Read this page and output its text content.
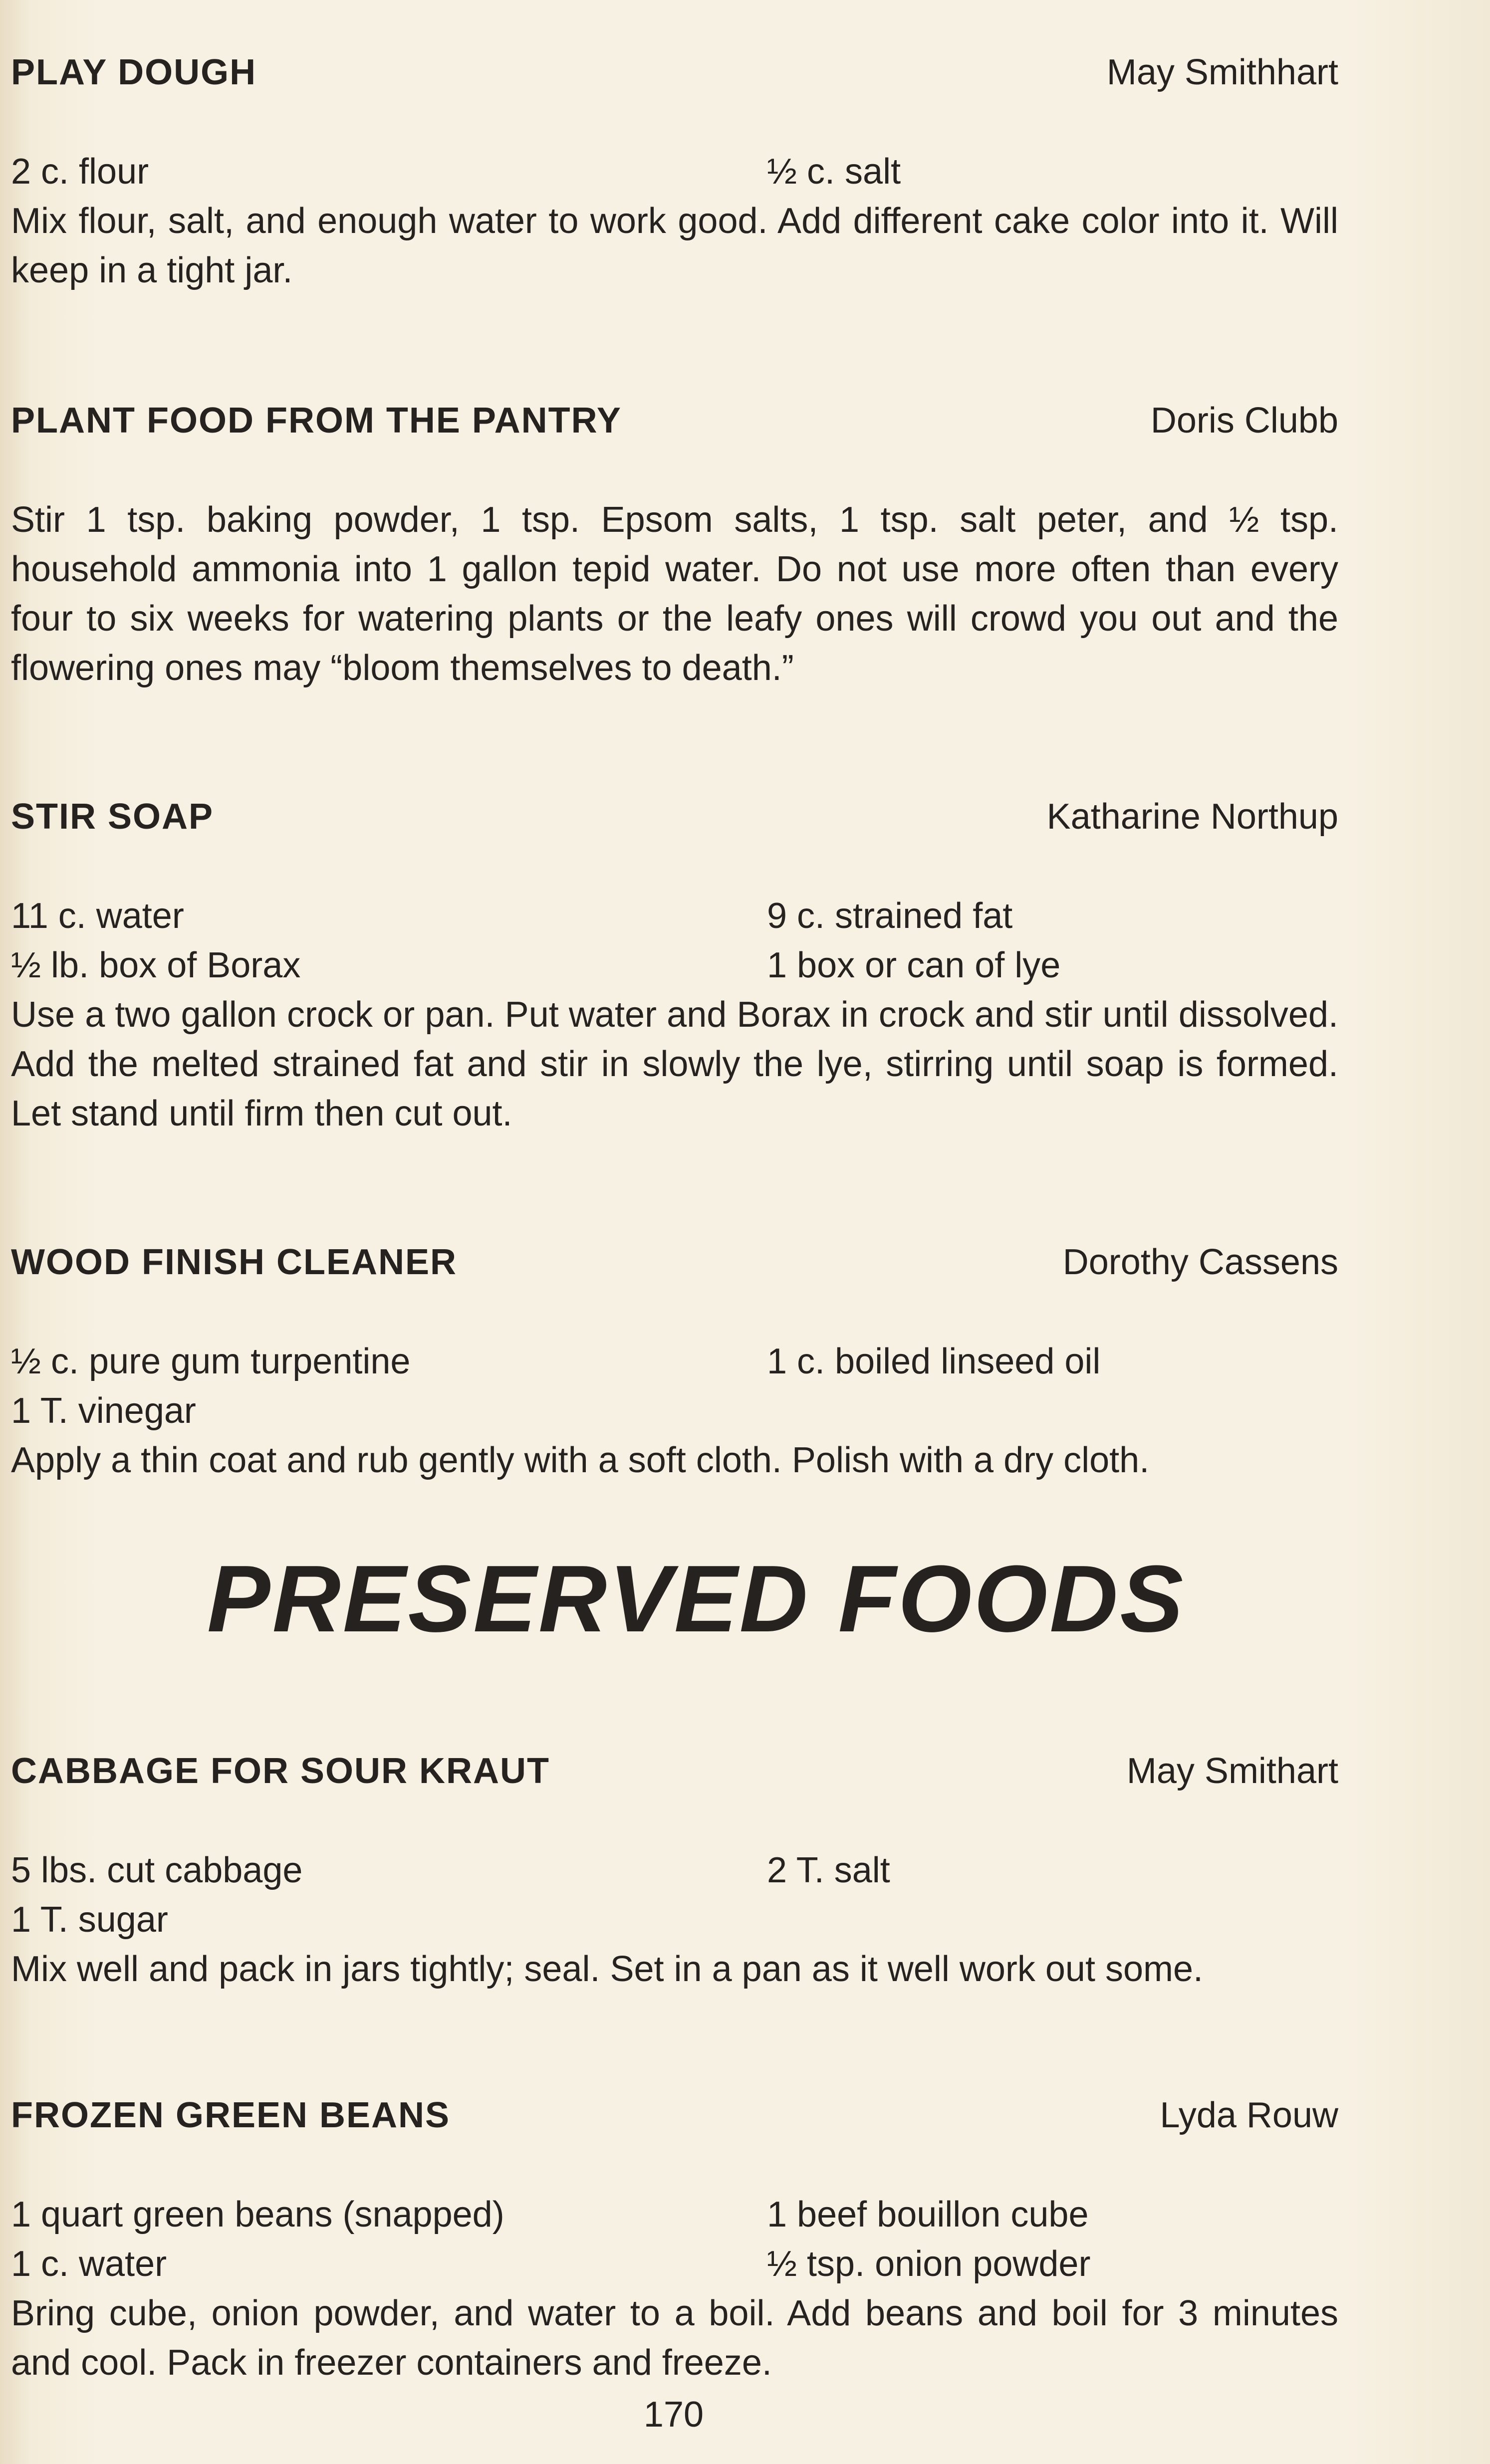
PLAY DOUGH	May Smithhart
2 c. flour	½ c. salt

Mix flour, salt, and enough water to work good. Add different cake color into it. Will keep in a tight jar.

PLANT FOOD FROM THE PANTRY	Doris Clubb

Stir 1 tsp. baking powder, 1 tsp. Epsom salts, 1 tsp. salt peter, and ½ tsp. household ammonia into 1 gallon tepid water. Do not use more often than every four to six weeks for watering plants or the leafy ones will crowd you out and the flowering ones may “bloom themselves to death.”

STIR SOAP	Katharine Northup
11 c. water	9 c. strained fat
½ lb. box of Borax	1 box or can of lye

Use a two gallon crock or pan. Put water and Borax in crock and stir until dissolved. Add the melted strained fat and stir in slowly the lye, stirring until soap is formed. Let stand until firm then cut out.

WOOD FINISH CLEANER	Dorothy Cassens
½ c. pure gum turpentine	1 c. boiled linseed oil
1 T. vinegar

Apply a thin coat and rub gently with a soft cloth. Polish with a dry cloth.

PRESERVED FOODS
CABBAGE FOR SOUR KRAUT	May Smithart
5 lbs. cut cabbage	2 T. salt
1 T. sugar

Mix well and pack in jars tightly; seal. Set in a pan as it well work out some.

FROZEN GREEN BEANS	Lyda Rouw
1 quart green beans (snapped)	1 beef bouillon cube
1 c. water	½ tsp. onion powder

Bring cube, onion powder, and water to a boil. Add beans and boil for 3 minutes and cool. Pack in freezer containers and freeze.

170
